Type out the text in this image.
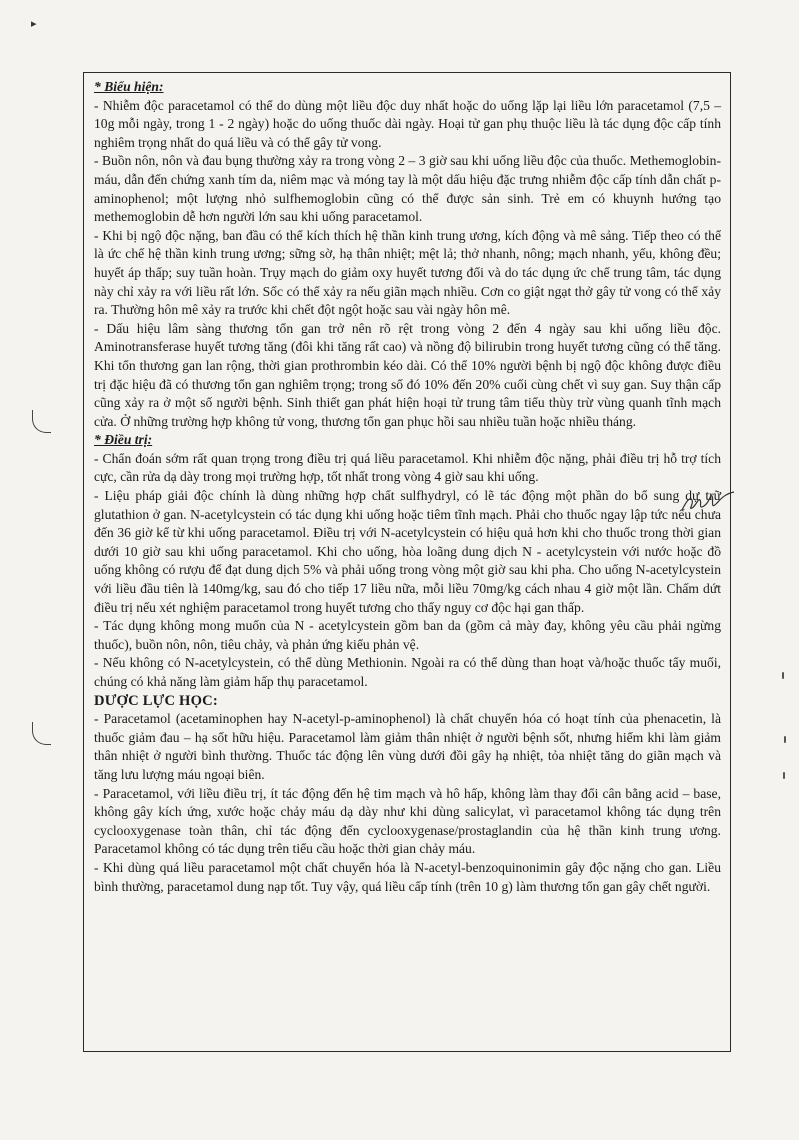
▸

* Biểu hiện:

- Nhiễm độc paracetamol có thể do dùng một liều độc duy nhất hoặc do uống lặp lại liều lớn paracetamol (7,5 – 10g mỗi ngày, trong 1 - 2 ngày) hoặc do uống thuốc dài ngày. Hoại tử gan phụ thuộc liều là tác dụng độc cấp tính nghiêm trọng nhất do quá liều và có thể gây tử vong.

- Buồn nôn, nôn và đau bụng thường xảy ra trong vòng 2 – 3 giờ sau khi uống liều độc của thuốc. Methemoglobin-máu, dẫn đến chứng xanh tím da, niêm mạc và móng tay là một dấu hiệu đặc trưng nhiễm độc cấp tính dẫn chất p-aminophenol; một lượng nhỏ sulfhemoglobin cũng có thể được sản sinh. Trẻ em có khuynh hướng tạo methemoglobin dễ hơn người lớn sau khi uống paracetamol.

- Khi bị ngộ độc nặng, ban đầu có thể kích thích hệ thần kinh trung ương, kích động và mê sảng. Tiếp theo có thể là ức chế hệ thần kinh trung ương; sững sờ, hạ thân nhiệt; mệt lả; thở nhanh, nông; mạch nhanh, yếu, không đều; huyết áp thấp; suy tuần hoàn. Trụy mạch do giảm oxy huyết tương đối và do tác dụng ức chế trung tâm, tác dụng này chỉ xảy ra với liều rất lớn. Sốc có thể xảy ra nếu giãn mạch nhiều. Cơn co giật ngạt thở gây tử vong có thể xảy ra. Thường hôn mê xảy ra trước khi chết đột ngột hoặc sau vài ngày hôn mê.

- Dấu hiệu lâm sàng thương tổn gan trở nên rõ rệt trong vòng 2 đến 4 ngày sau khi uống liều độc. Aminotransferase huyết tương tăng (đôi khi tăng rất cao) và nồng độ bilirubin trong huyết tương cũng có thể tăng. Khi tổn thương gan lan rộng, thời gian prothrombin kéo dài. Có thể 10% người bệnh bị ngộ độc không được điều trị đặc hiệu đã có thương tổn gan nghiêm trọng; trong số đó 10% đến 20% cuối cùng chết vì suy gan. Suy thận cấp cũng xảy ra ở một số người bệnh. Sinh thiết gan phát hiện hoại tử trung tâm tiểu thùy trừ vùng quanh tĩnh mạch cửa. Ở những trường hợp không tử vong, thương tổn gan phục hồi sau nhiều tuần hoặc nhiều tháng.

* Điều trị:

- Chẩn đoán sớm rất quan trọng trong điều trị quá liều paracetamol. Khi nhiễm độc nặng, phải điều trị hỗ trợ tích cực, cần rửa dạ dày trong mọi trường hợp, tốt nhất trong vòng 4 giờ sau khi uống.

- Liệu pháp giải độc chính là dùng những hợp chất sulfhydryl, có lẽ tác động một phần do bổ sung dự trữ glutathion ở gan. N-acetylcystein có tác dụng khi uống hoặc tiêm tĩnh mạch. Phải cho thuốc ngay lập tức nếu chưa đến 36 giờ kể từ khi uống paracetamol. Điều trị với N-acetylcystein có hiệu quả hơn khi cho thuốc trong thời gian dưới 10 giờ sau khi uống paracetamol. Khi cho uống, hòa loãng dung dịch N - acetylcystein với nước hoặc đồ uống không có rượu để đạt dung dịch 5% và phải uống trong vòng một giờ sau khi pha. Cho uống N-acetylcystein với liều đầu tiên là 140mg/kg, sau đó cho tiếp 17 liều nữa, mỗi liều 70mg/kg cách nhau 4 giờ một lần. Chấm dứt điều trị nếu xét nghiệm paracetamol trong huyết tương cho thấy nguy cơ độc hại gan thấp.

- Tác dụng không mong muốn của N - acetylcystein gồm ban da (gồm cả mày đay, không yêu cầu phải ngừng thuốc), buồn nôn, nôn, tiêu chảy, và phản ứng kiểu phản vệ.

- Nếu không có N-acetylcystein, có thể dùng Methionin. Ngoài ra có thể dùng than hoạt và/hoặc thuốc tẩy muối, chúng có khả năng làm giảm hấp thụ paracetamol.

DƯỢC LỰC HỌC:

- Paracetamol (acetaminophen hay N-acetyl-p-aminophenol) là chất chuyển hóa có hoạt tính của phenacetin, là thuốc giảm đau – hạ sốt hữu hiệu. Paracetamol làm giảm thân nhiệt ở người bệnh sốt, nhưng hiếm khi làm giảm thân nhiệt ở người bình thường. Thuốc tác động lên vùng dưới đồi gây hạ nhiệt, tỏa nhiệt tăng do giãn mạch và tăng lưu lượng máu ngoại biên.

- Paracetamol, với liều điều trị, ít tác động đến hệ tim mạch và hô hấp, không làm thay đổi cân bằng acid – base, không gây kích ứng, xước hoặc chảy máu dạ dày như khi dùng salicylat, vì paracetamol không tác dụng trên cyclooxygenase toàn thân, chỉ tác động đến cyclooxygenase/prostaglandin của hệ thần kinh trung ương. Paracetamol không có tác dụng trên tiểu cầu hoặc thời gian chảy máu.

- Khi dùng quá liều paracetamol một chất chuyển hóa là N-acetyl-benzoquinonimin gây độc nặng cho gan. Liều bình thường, paracetamol dung nạp tốt. Tuy vậy, quá liều cấp tính (trên 10 g) làm thương tổn gan gây chết người.
